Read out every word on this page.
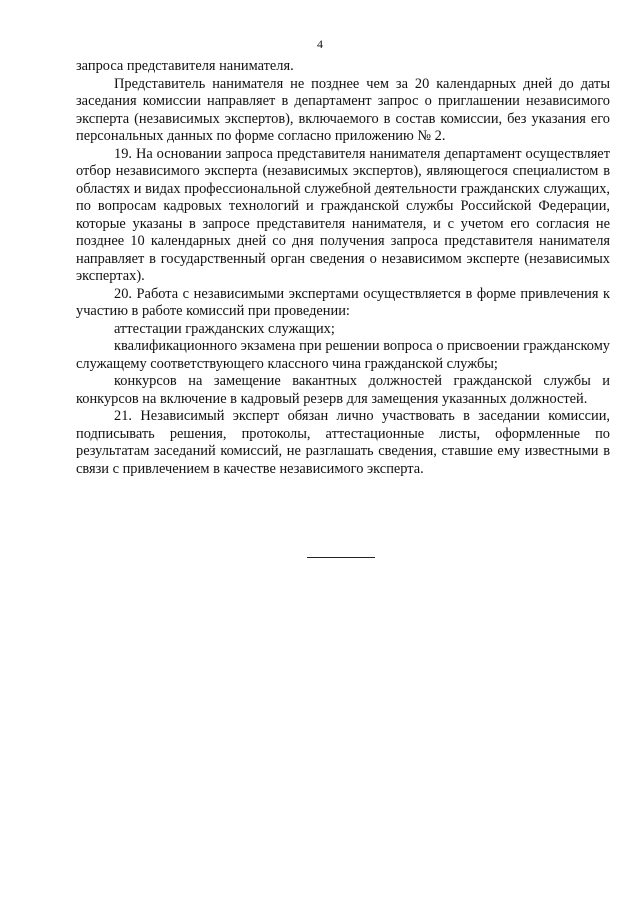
4

запроса представителя нанимателя.

Представитель нанимателя не позднее чем за 20 календарных дней до даты заседания комиссии направляет в департамент запрос о приглашении независимого эксперта (независимых экспертов), включаемого в состав комиссии, без указания его персональных данных по форме согласно приложению № 2.

19. На основании запроса представителя нанимателя департамент осуществляет отбор независимого эксперта (независимых экспертов), являющегося специалистом в областях и видах профессиональной служебной деятельности гражданских служащих, по вопросам кадровых технологий и гражданской службы Российской Федерации, которые указаны в запросе представителя нанимателя, и с учетом его согласия не позднее 10 календарных дней со дня получения запроса представителя нанимателя направляет в государственный орган сведения о независимом эксперте (независимых экспертах).

20. Работа с независимыми экспертами осуществляется в форме привлечения к участию в работе комиссий при проведении:

аттестации гражданских служащих;

квалификационного экзамена при решении вопроса о присвоении гражданскому служащему соответствующего классного чина гражданской службы;

конкурсов на замещение вакантных должностей гражданской службы и конкурсов на включение в кадровый резерв для замещения указанных должностей.

21. Независимый эксперт обязан лично участвовать в заседании комиссии, подписывать решения, протоколы, аттестационные листы, оформленные по результатам заседаний комиссий, не разглашать сведения, ставшие ему известными в связи с привлечением в качестве независимого эксперта.
